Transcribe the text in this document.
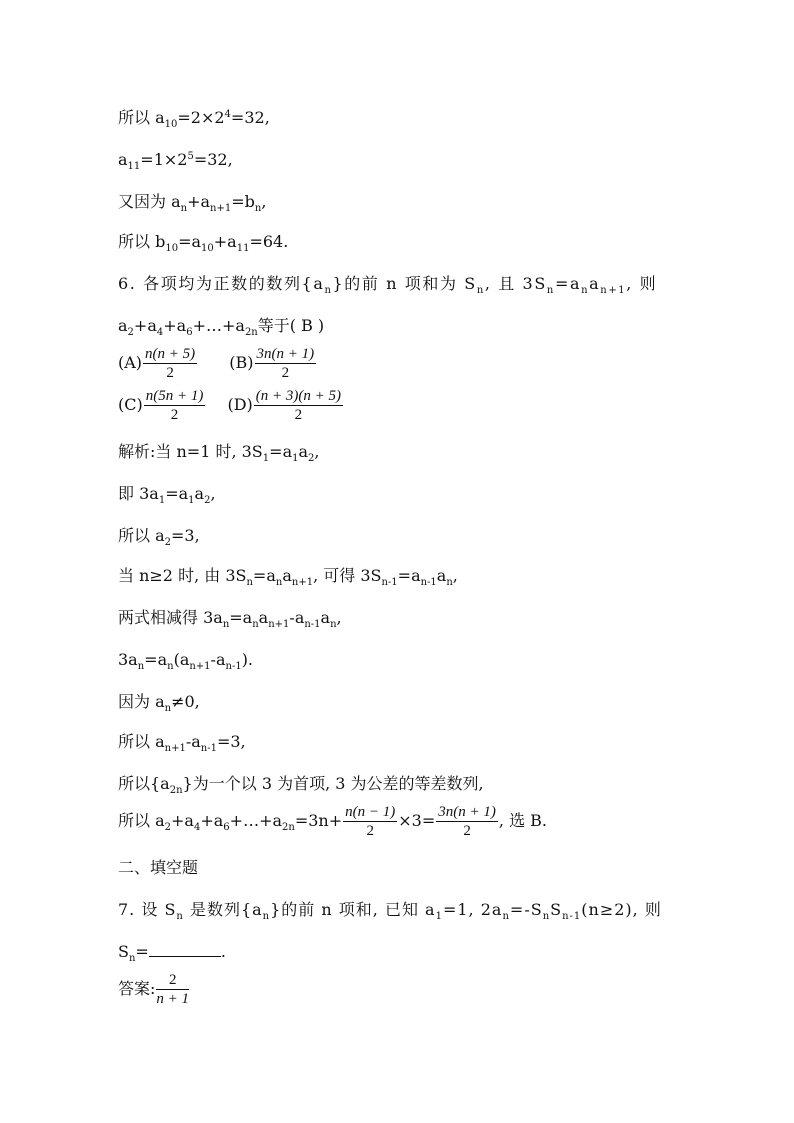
所以 $a_{10}=2\times 2^4=32$,
$a_{11}=1\times 2^5=32$,
又因为 $a_n+a_{n+1}=b_n$,
所以 $b_{10}=a_{10}+a_{11}=64$.
6. 各项均为正数的数列$\{a_n\}$的前 n 项和为 $S_n$, 且 $3S_n=a_na_{n+1}$, 则
$a_2+a_4+a_6+\dots+a_{2n}$等于( B )
$(A) \frac{n(n + 5)}{2} (B) \frac{3n(n + 1)}{2}$
$(C) \frac{n(5n + 1)}{2} (D) \frac{(n + 3)(n + 5)}{2}$
解析:当 n=1 时, $3S_1=a_1a_2$,
即 $3a_1=a_1a_2$,
所以 $a_2=3$,
当 n≥2 时, 由 $3S_n=a_na_{n+1}$, 可得 $3S_{n-1}=a_{n-1}a_n$,
两式相减得 $3a_n=a_na_{n+1}-a_{n-1}a_n$,
$3a_n=a_n(a_{n+1}-a_{n-1})$.
因为 $a_n\ne 0$,
所以 $a_{n+1}-a_{n-1}=3$,
所以$\{a_{2n}\}$为一个以 3 为首项, 3 为公差的等差数列,
所以 $a_2+a_4+a_6+\dots+a_{2n}=3n+ \frac{n(n - 1)}{2} \times 3= \frac{3n(n + 1)}{2}$ , 选 B.
二、填空题
7. 设 $S_n$ 是数列$\{a_n\}$的前 n 项和, 已知 $a_1=1$, $2a_n=-S_nS_{n-1}(n\ge 2)$, 则
$S_n=$	.
答案: $\frac{2}{n + 1}$
